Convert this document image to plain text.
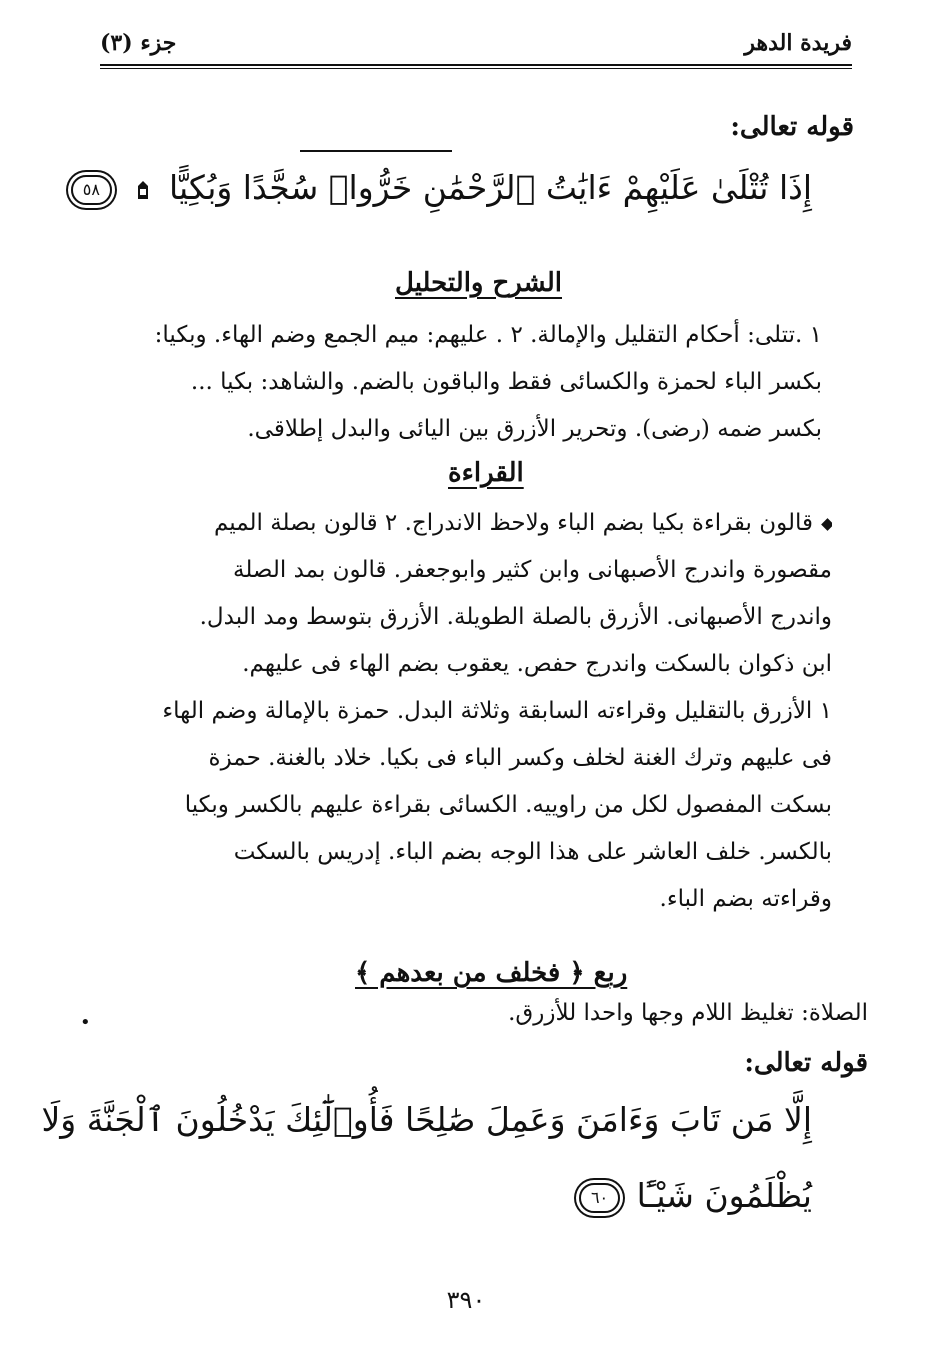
فريدة الدهر
جزء (٣)
قوله تعالى:
إِذَا تُتْلَىٰ عَلَيْهِمْ ءَايَٰتُ ٱلرَّحْمَٰنِ خَرُّوا۟ سُجَّدًا وَبُكِيًّا  ٥٨
الشرح والتحليل
١ .تتلى: أحكام التقليل والإمالة. ٢ . عليهم: ميم الجمع وضم الهاء. وبكيا:
بكسر الباء لحمزة والكسائى فقط والباقون بالضم. والشاهد: بكيا ...
بكسر ضمه (رضى). وتحرير الأزرق بين اليائى والبدل إطلاقى.
القراءة
قالون بقراءة بكيا بضم الباء ولاحظ الاندراج. ٢ قالون بصلة الميم
مقصورة واندرج الأصبهانى وابن كثير وابوجعفر. قالون بمد الصلة
واندرج الأصبهانى. الأزرق بالصلة الطويلة. الأزرق بتوسط ومد البدل.
ابن ذكوان بالسكت واندرج حفص. يعقوب بضم الهاء فى عليهم.
١ الأزرق بالتقليل وقراءته السابقة وثلاثة البدل. حمزة بالإمالة وضم الهاء
فى عليهم وترك الغنة لخلف وكسر الباء فى بكيا. خلاد بالغنة. حمزة
بسكت المفصول لكل من راوييه. الكسائى بقراءة عليهم بالكسر وبكيا
بالكسر. خلف العاشر على هذا الوجه بضم الباء. إدريس بالسكت
وقراءته بضم الباء.
ربع ﴿ فخلف من بعدهم ﴾
الصلاة: تغليظ اللام وجها واحدا للأزرق.
•
قوله تعالى:
إِلَّا مَن تَابَ وَءَامَنَ وَعَمِلَ صَٰلِحًا فَأُو۟لَٰٓئِكَ يَدْخُلُونَ ٱلْجَنَّةَ وَلَا
يُظْلَمُونَ شَيْـًٔا ٦٠
٣٩٠
